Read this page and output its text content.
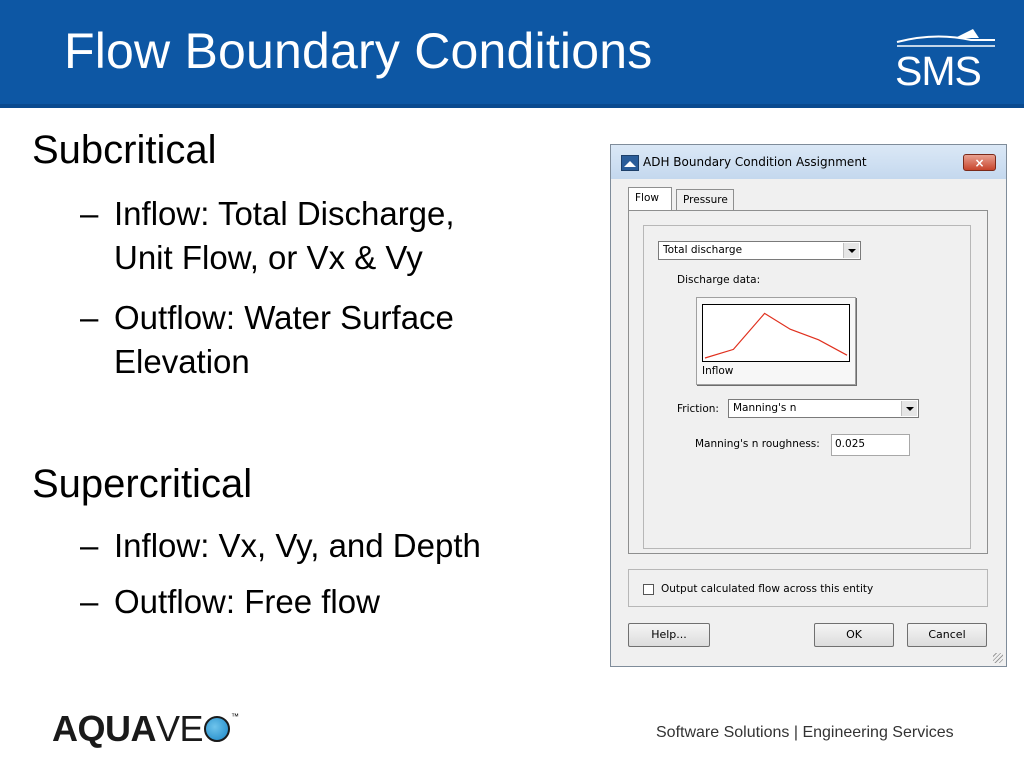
Flow Boundary Conditions	SMS
Subcritical
– Inflow: Total Discharge,
Unit Flow, or Vx & Vy
– Outflow: Water Surface
Elevation
Supercritical
– Inflow: Vx, Vy, and Depth
– Outflow: Free flow
ADH Boundary Condition Assignment	×
Flow	Pressure
Total discharge
Discharge data:
Inflow
Friction:	Manning's n
Manning's n roughness:	0.025
Output calculated flow across this entity
Help...	OK	Cancel
AQUAVE	™
Software Solutions | Engineering Services
